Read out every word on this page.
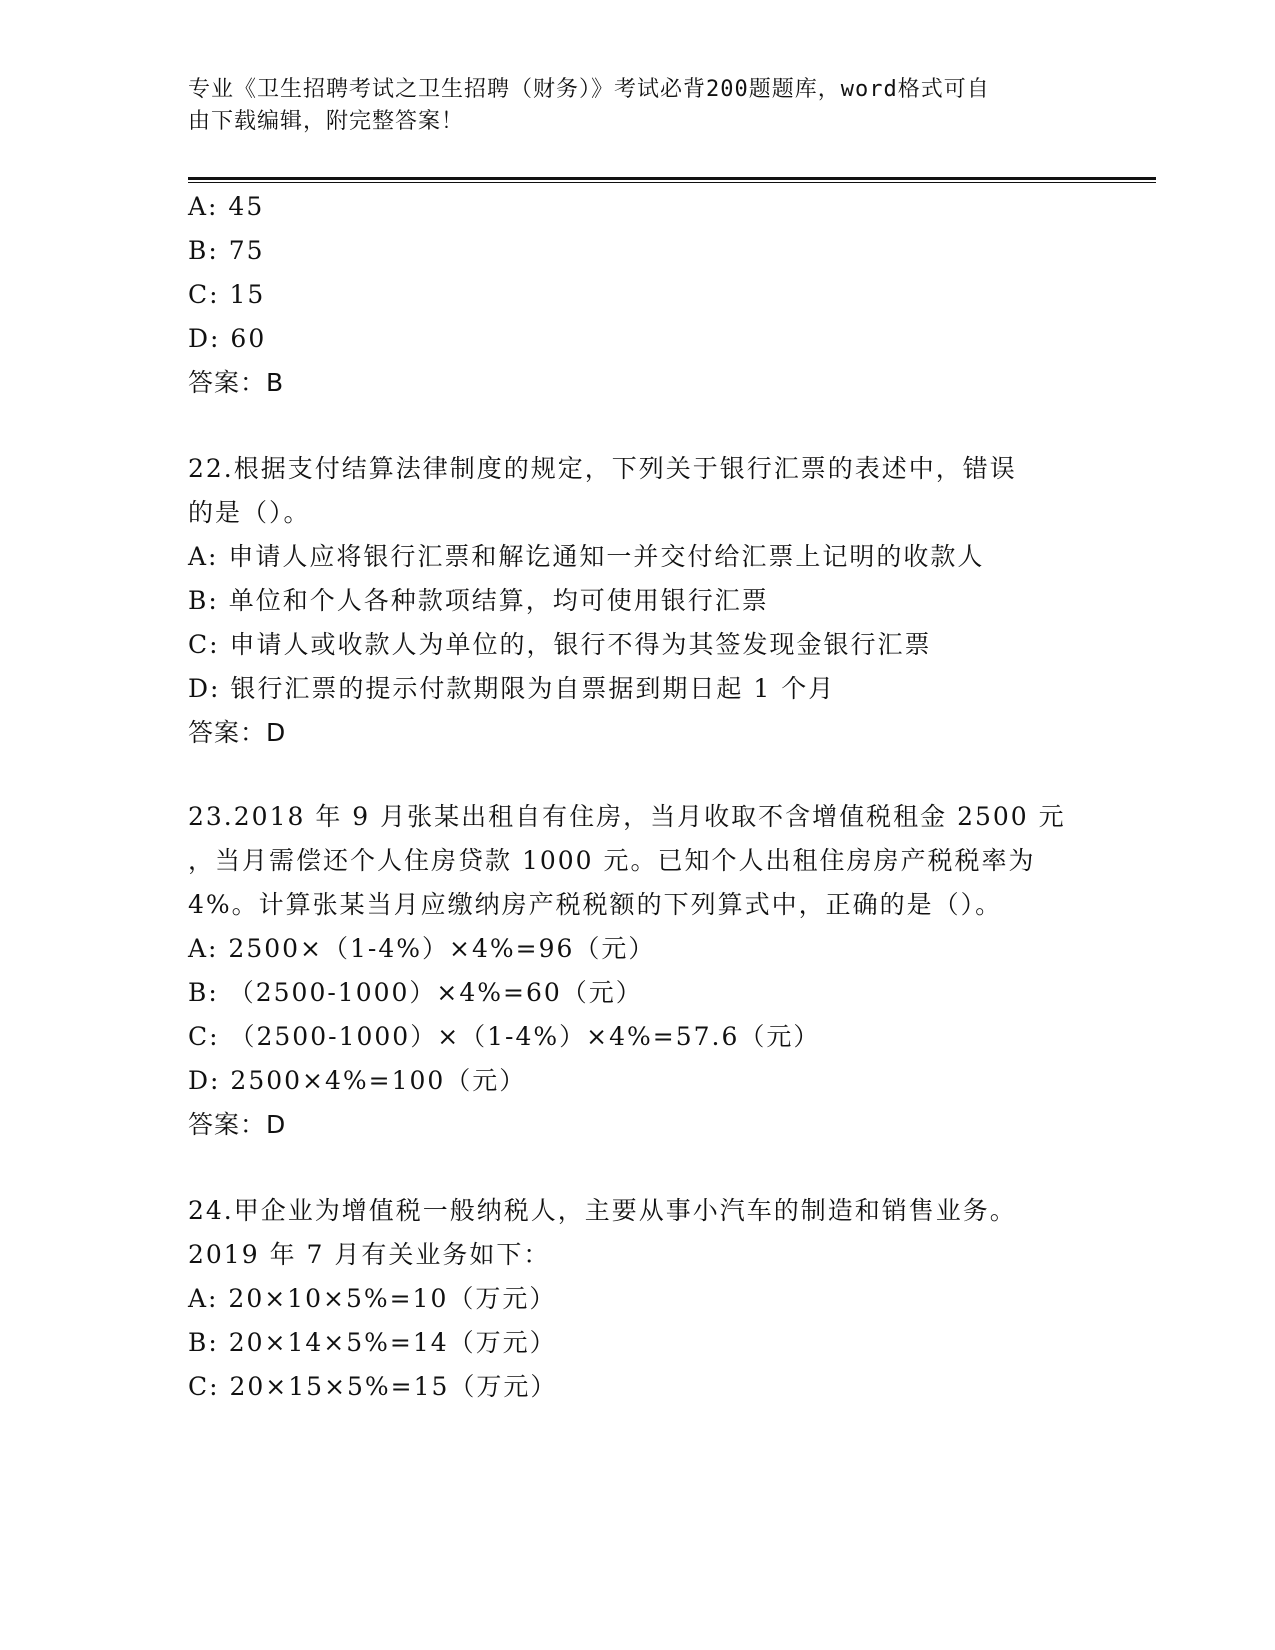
专业《卫生招聘考试之卫生招聘（财务）》考试必背200题题库，word格式可自
由下载编辑，附完整答案！
A: 45
B: 75
C: 15
D: 60
答案：B
22.根据支付结算法律制度的规定，下列关于银行汇票的表述中，错误
的是（）。
A: 申请人应将银行汇票和解讫通知一并交付给汇票上记明的收款人
B: 单位和个人各种款项结算，均可使用银行汇票
C: 申请人或收款人为单位的，银行不得为其签发现金银行汇票
D: 银行汇票的提示付款期限为自票据到期日起 1 个月
答案：D
23.2018 年 9 月张某出租自有住房，当月收取不含增值税租金 2500 元
，当月需偿还个人住房贷款 1000 元。已知个人出租住房房产税税率为
4%。计算张某当月应缴纳房产税税额的下列算式中，正确的是（）。
A: 2500×（1-4%）×4%=96（元）
B: （2500-1000）×4%=60（元）
C: （2500-1000）×（1-4%）×4%=57.6（元）
D: 2500×4%=100（元）
答案：D
24.甲企业为增值税一般纳税人，主要从事小汽车的制造和销售业务。
2019 年 7 月有关业务如下：
A: 20×10×5%=10（万元）
B: 20×14×5%=14（万元）
C: 20×15×5%=15（万元）
